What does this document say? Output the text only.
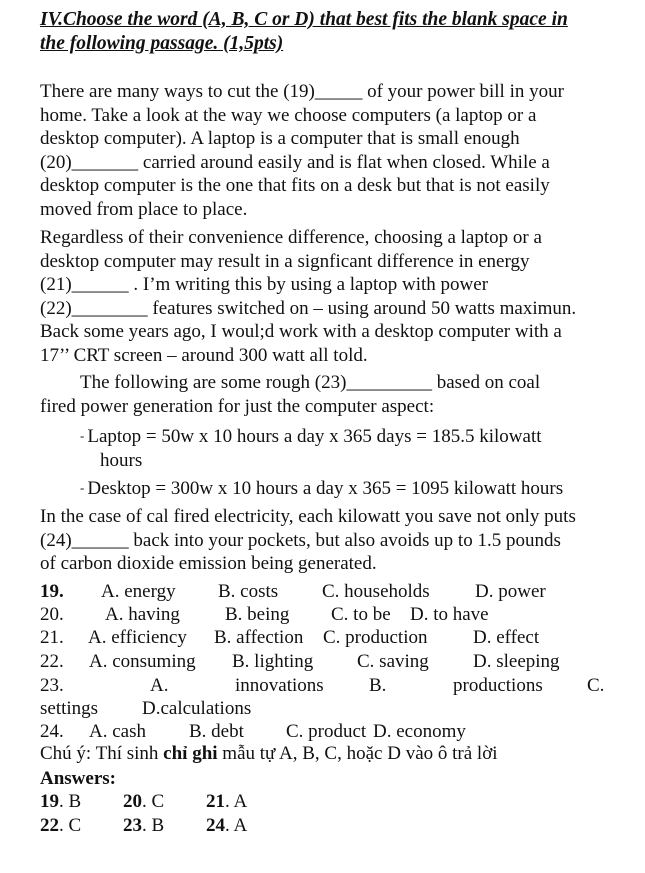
IV.Choose the word (A, B, C or D) that best fits the blank space in
the following passage. (1,5pts)
There are many ways to cut the (19)_____ of your power bill in your
home. Take a look at the way we choose computers (a laptop or a
desktop computer). A laptop is a computer that is small enough
(20)_______ carried around easily and is flat when closed. While a
desktop computer is the one that fits on a desk but that is not easily
moved from place to place.
Regardless of their convenience difference, choosing a laptop or a
desktop computer may result in a signficant difference in energy
(21)______ . I’m writing this by using a laptop with power
(22)________ features switched on – using around 50 watts maximun.
Back some years ago, I woul;d work with a desktop computer with a
17’’ CRT screen – around 300 watt all told.
The following are some rough (23)_________ based on coal
fired power generation for just the computer aspect:
- Laptop = 50w x 10 hours a day x 365 days = 185.5 kilowatt
hours
- Desktop = 300w x 10 hours a day x 365 = 1095 kilowatt hours
In the case of cal fired electricity, each kilowatt you save not only puts
(24)______ back into your pockets, but also avoids up to 1.5 pounds
of carbon dioxide emission being generated.
19. A. energy B. costs C. households D. power
20. A. having B. being C. to be D. to have
21. A. efficiency B. affection C. production D. effect
22. A. consuming B. lighting C. saving D. sleeping
23.	A.	innovations B.	productions C.
settings D.calculations
24. A. cash B. debt C. product D. economy
Chú ý: Thí sinh chỉ ghi mẫu tự A, B, C, hoặc D vào ô trả lời
Answers:
19. B 20. C 21. A
22. C 23. B 24. A
